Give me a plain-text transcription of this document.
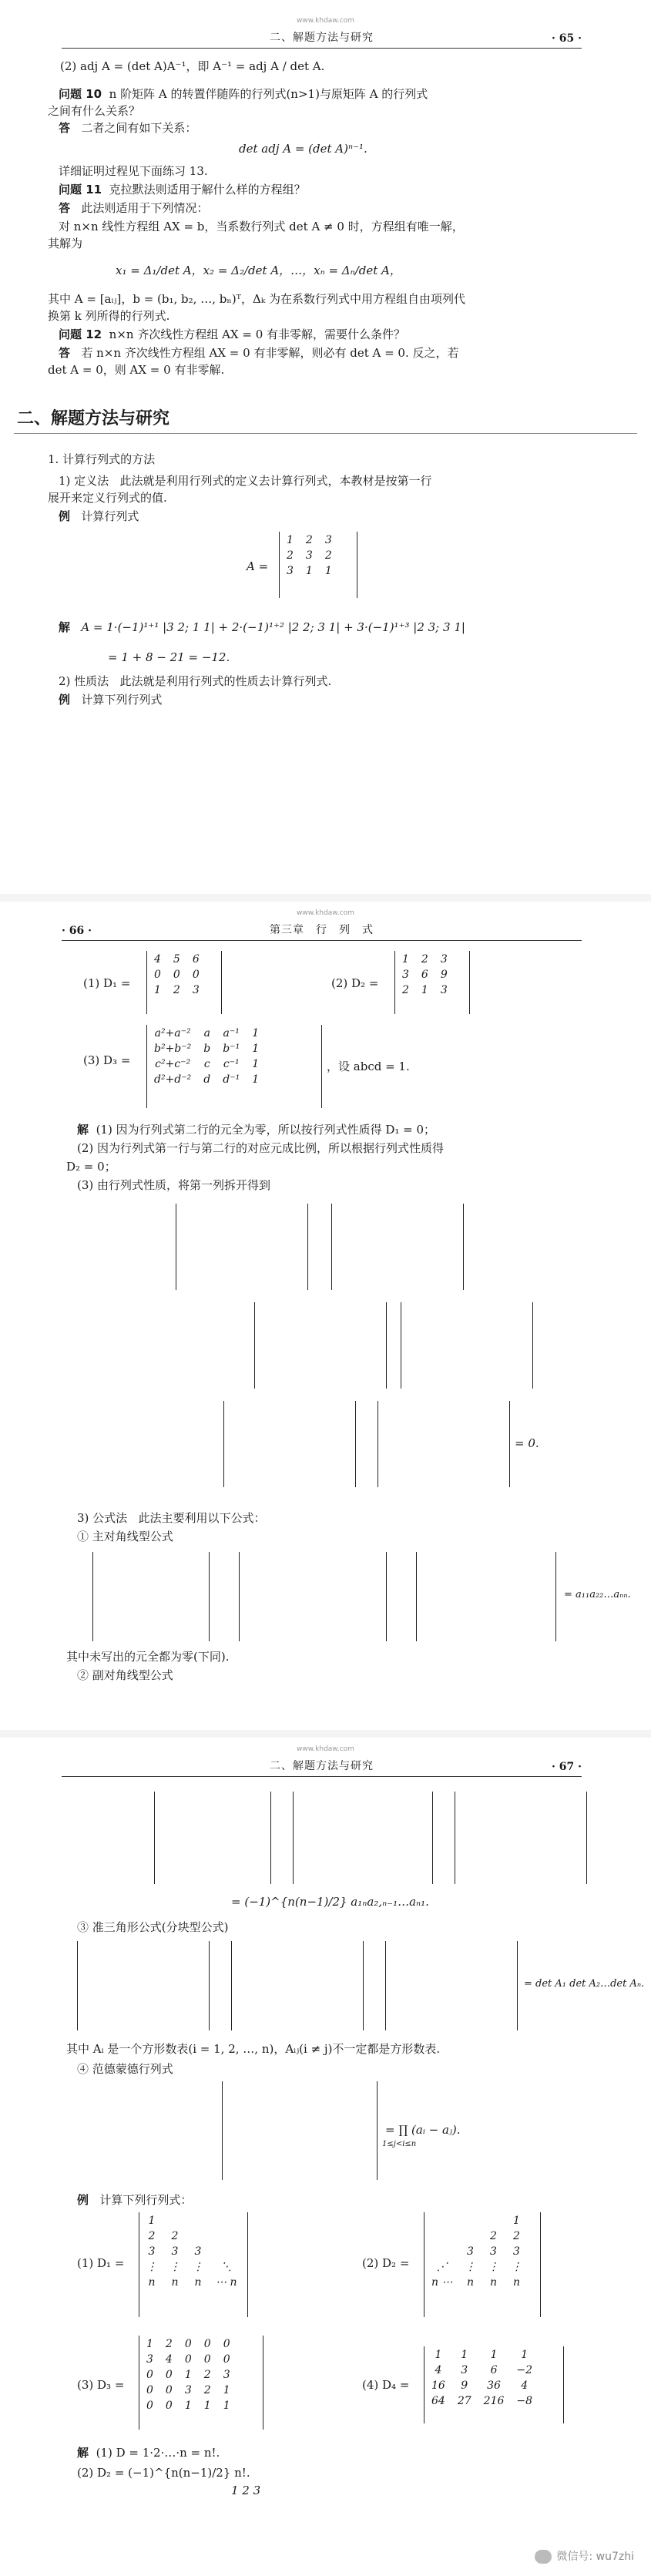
www.khdaw.com
二、解题方法与研究	· 65 ·
(2) adj A = (det A)A⁻¹，即 A⁻¹ = adj A / det A.
问题 10 n 阶矩阵 A 的转置伴随阵的行列式(n>1)与原矩阵 A 的行列式
之间有什么关系？
答 二者之间有如下关系：
det adj A = (det A)ⁿ⁻¹.
详细证明过程见下面练习 13.
问题 11 克拉默法则适用于解什么样的方程组？
答 此法则适用于下列情况：
对 n×n 线性方程组 AX = b，当系数行列式 det A ≠ 0 时，方程组有唯一解，
其解为
x₁ = Δ₁/det A，x₂ = Δ₂/det A，…，xₙ = Δₙ/det A，
其中 A = [aᵢⱼ]，b = (b₁, b₂, …, bₙ)ᵀ，Δₖ 为在系数行列式中用方程组自由项列代
换第 k 列所得的行列式.
问题 12 n×n 齐次线性方程组 AX = 0 有非零解，需要什么条件？
答 若 n×n 齐次线性方程组 AX = 0 有非零解，则必有 det A = 0. 反之，若
det A = 0，则 AX = 0 有非零解.
二、解题方法与研究
1. 计算行列式的方法
1) 定义法 此法就是利用行列式的定义去计算行列式，本教材是按第一行
展开来定义行列式的值.
例 计算行列式
A =
1	2	3
2	3	2
3	1	1
解 A = 1·(−1)¹⁺¹ |3 2; 1 1| + 2·(−1)¹⁺² |2 2; 3 1| + 3·(−1)¹⁺³ |2 3; 3 1|
= 1 + 8 − 21 = −12.
2) 性质法 此法就是利用行列式的性质去计算行列式.
例 计算下列行列式
www.khdaw.com
· 66 ·	第三章　行　列　式
(1) D₁ =
4	5	6
0	0	0
1	2	3	(2) D₂ =
1	2	3
3	6	9
2	1	3
(3) D₃ =
a²+a⁻²	a	a⁻¹	1
b²+b⁻²	b	b⁻¹	1
c²+c⁻²	c	c⁻¹	1
d²+d⁻²	d	d⁻¹	1
，设 abcd = 1.
解 (1) 因为行列式第二行的元全为零，所以按行列式性质得 D₁ = 0；
(2) 因为行列式第一行与第二行的对应元成比例，所以根据行列式性质得
D₂ = 0；
(3) 由行列式性质，将第一列拆开得到
= 0.
3) 公式法 此法主要利用以下公式：
① 主对角线型公式
= a₁₁a₂₂…aₙₙ.
其中未写出的元全都为零(下同).
② 副对角线型公式
www.khdaw.com
二、解题方法与研究	· 67 ·
= (−1)^{n(n−1)/2} a₁ₙa₂,ₙ₋₁…aₙ₁.
③ 准三角形公式(分块型公式)
= det A₁ det A₂…det Aₙ.
其中 Aᵢ 是一个方形数表(i = 1, 2, …, n)，Aᵢⱼ(i ≠ j)不一定都是方形数表.
④ 范德蒙德行列式
= ∏ (aᵢ − aⱼ).
1≤j<i≤n
例 计算下列行列式：
(1) D₁ =
1			
2	2		
3	3	3	
⋮	⋮	⋮	⋱
n	n	n	⋯ n
(2) D₂ =
			1
		2	2
	3	3	3
⋰	⋮	⋮	⋮
n ⋯	n	n	n
(3) D₃ =
1	2	0	0	0
3	4	0	0	0
0	0	1	2	3
0	0	3	2	1
0	0	1	1	1
(4) D₄ =
1	1	1	1
4	3	6	−2
16	9	36	4
64	27	216	−8
解 (1) D = 1·2·…·n = n!.
(2) D₂ = (−1)^{n(n−1)/2} n!.
1 2 3
微信号: wu7zhi
